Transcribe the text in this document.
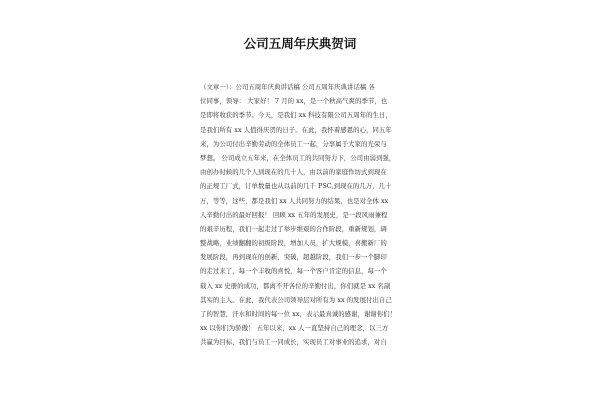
公司五周年庆典贺词
（文章一）：公司五周年庆典讲话稿 公司五周年庆典讲话稿 各
位同事，领导： 大家好！ 7 月的 xx，是一个秋高气爽的季节，也
是即将收获的季节。今天，是我们 xx 科技有限公司五周年的生日，
是我们所有 xx 人值得庆贺的日子。在此，我怀着感恩的心，同五年
来，为公司付出辛勤劳动的全体员工一起，分享属于大家的光荣与
梦想。 公司成立五年来，在全体员工的共同努力下，公司由弱到强，
由创办时候的几个人到现在的几十人，由以前的家庭作坊式到现在
的正规工厂式，订单数量也从以前的几千 PSC,到现在的几万，几十
万，等等，这些，都是我们 xx 人共同努力的结果，也是对全体 xx
人辛勤付出的最好回报！ 回顾 xx 五年的发展史，是一段风雨兼程
的艰辛历程，我们一起走过了举步维艰的合作阶段，重新规划，调
整战略，业绩翻翻的初级阶段，增加人员，扩大规模，喜搬新厂的
发展阶段，再到现在的创新，突破，超越阶段，我们一步一个脚印
的走过来了，每一个丰收的喜悦，每一个客户肯定的信息，每一个
载入 xx 史册的成功，都离不开各位的辛勤付出，你们就是 xx 名副
其实的主人。在此，我代表公司领导层对所有为 xx 的发展付出自己
了的智慧，汗水和时间的每一位 xx，表示最真诚的感谢，谢谢你们！
xx 以你们为骄傲！ 五年以来，xx 人一直坚持自己的理念，以三方
共赢为目标，我们与员工一同成长，实现员工对事业的追求，对自
